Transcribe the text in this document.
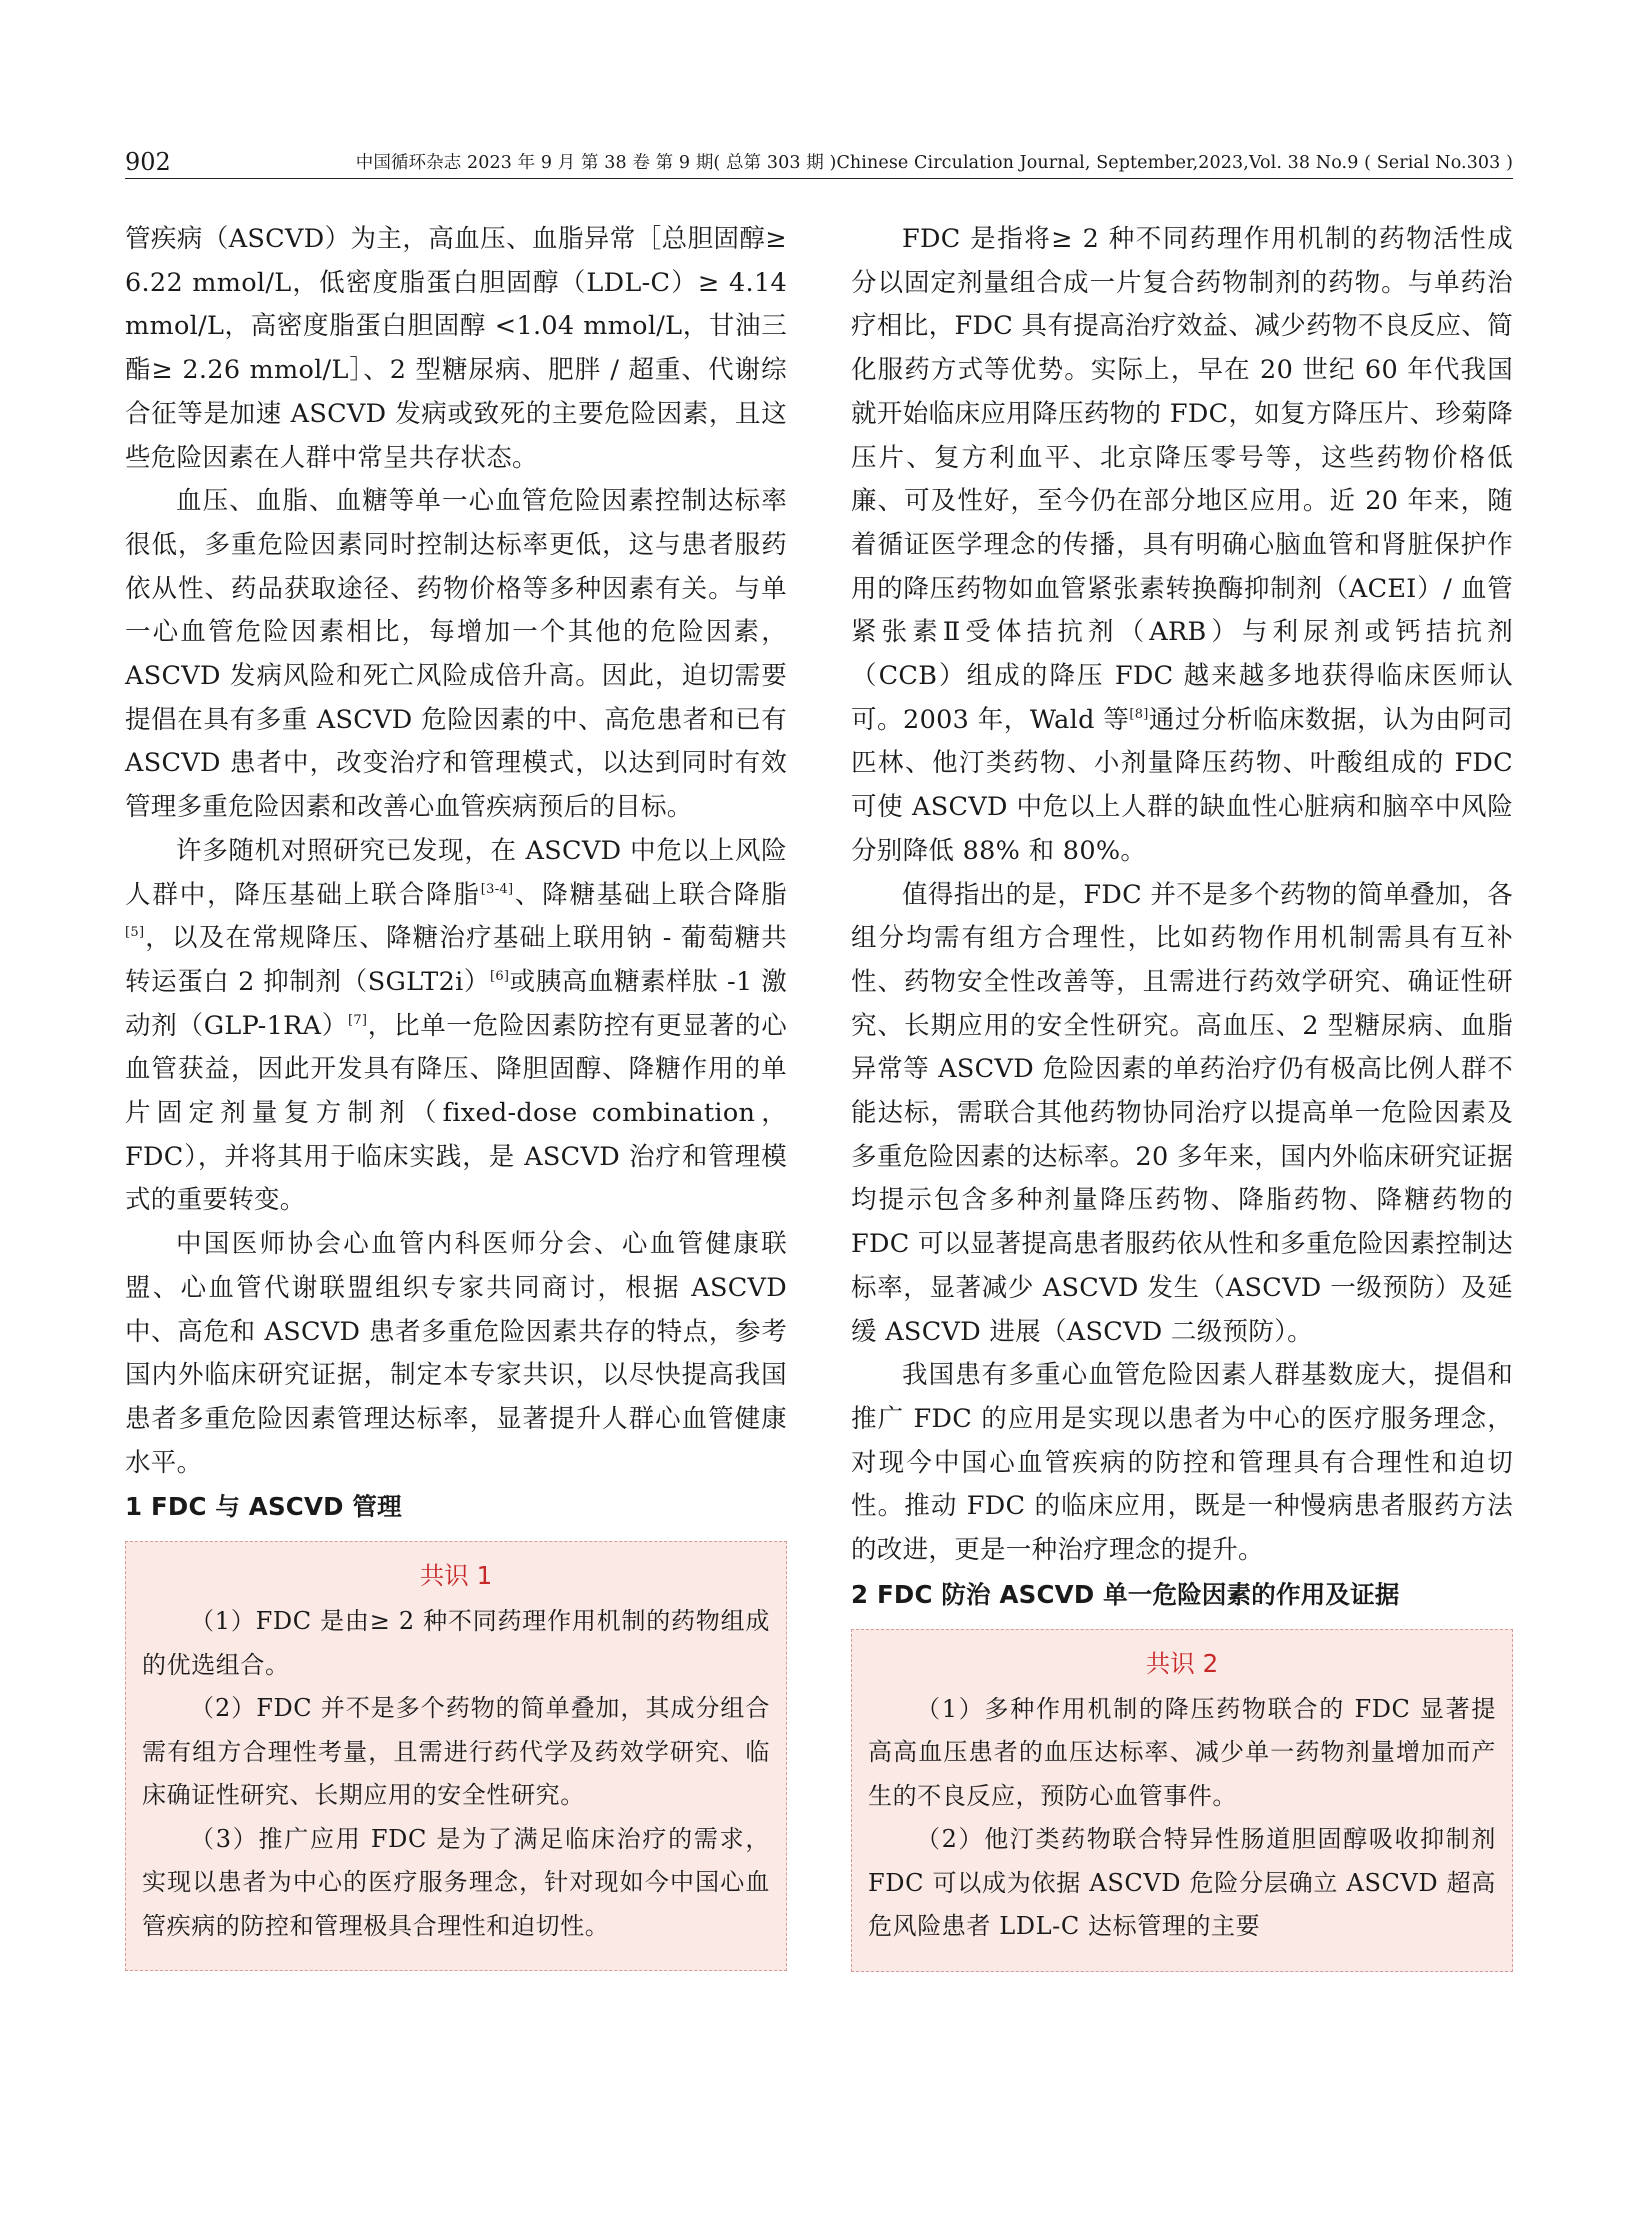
902	中国循环杂志 2023 年 9 月 第 38 卷 第 9 期( 总第 303 期 )Chinese Circulation Journal, September,2023,Vol. 38 No.9 ( Serial No.303 )

管疾病（ASCVD）为主，高血压、血脂异常［总胆固醇≥ 6.22 mmol/L，低密度脂蛋白胆固醇（LDL-C）≥ 4.14 mmol/L，高密度脂蛋白胆固醇 <1.04 mmol/L，甘油三酯≥ 2.26 mmol/L］、2 型糖尿病、肥胖 / 超重、代谢综合征等是加速 ASCVD 发病或致死的主要危险因素，且这些危险因素在人群中常呈共存状态。

血压、血脂、血糖等单一心血管危险因素控制达标率很低，多重危险因素同时控制达标率更低，这与患者服药依从性、药品获取途径、药物价格等多种因素有关。与单一心血管危险因素相比，每增加一个其他的危险因素，ASCVD 发病风险和死亡风险成倍升高。因此，迫切需要提倡在具有多重 ASCVD 危险因素的中、高危患者和已有 ASCVD 患者中，改变治疗和管理模式，以达到同时有效管理多重危险因素和改善心血管疾病预后的目标。

许多随机对照研究已发现，在 ASCVD 中危以上风险人群中，降压基础上联合降脂[3-4]、降糖基础上联合降脂[5]，以及在常规降压、降糖治疗基础上联用钠 - 葡萄糖共转运蛋白 2 抑制剂（SGLT2i）[6]或胰高血糖素样肽 -1 激动剂（GLP-1RA）[7]，比单一危险因素防控有更显著的心血管获益，因此开发具有降压、降胆固醇、降糖作用的单片固定剂量复方制剂（fixed-dose combination，FDC），并将其用于临床实践，是 ASCVD 治疗和管理模式的重要转变。

中国医师协会心血管内科医师分会、心血管健康联盟、心血管代谢联盟组织专家共同商讨，根据 ASCVD 中、高危和 ASCVD 患者多重危险因素共存的特点，参考国内外临床研究证据，制定本专家共识，以尽快提高我国患者多重危险因素管理达标率，显著提升人群心血管健康水平。

1 FDC 与 ASCVD 管理

共识 1

（1）FDC 是由≥ 2 种不同药理作用机制的药物组成的优选组合。

（2）FDC 并不是多个药物的简单叠加，其成分组合需有组方合理性考量，且需进行药代学及药效学研究、临床确证性研究、长期应用的安全性研究。

（3）推广应用 FDC 是为了满足临床治疗的需求，实现以患者为中心的医疗服务理念，针对现如今中国心血管疾病的防控和管理极具合理性和迫切性。

FDC 是指将≥ 2 种不同药理作用机制的药物活性成分以固定剂量组合成一片复合药物制剂的药物。与单药治疗相比，FDC 具有提高治疗效益、减少药物不良反应、简化服药方式等优势。实际上，早在 20 世纪 60 年代我国就开始临床应用降压药物的 FDC，如复方降压片、珍菊降压片、复方利血平、北京降压零号等，这些药物价格低廉、可及性好，至今仍在部分地区应用。近 20 年来，随着循证医学理念的传播，具有明确心脑血管和肾脏保护作用的降压药物如血管紧张素转换酶抑制剂（ACEI）/ 血管紧张素Ⅱ受体拮抗剂（ARB）与利尿剂或钙拮抗剂（CCB）组成的降压 FDC 越来越多地获得临床医师认可。2003 年，Wald 等[8]通过分析临床数据，认为由阿司匹林、他汀类药物、小剂量降压药物、叶酸组成的 FDC 可使 ASCVD 中危以上人群的缺血性心脏病和脑卒中风险分别降低 88% 和 80%。

值得指出的是，FDC 并不是多个药物的简单叠加，各组分均需有组方合理性，比如药物作用机制需具有互补性、药物安全性改善等，且需进行药效学研究、确证性研究、长期应用的安全性研究。高血压、2 型糖尿病、血脂异常等 ASCVD 危险因素的单药治疗仍有极高比例人群不能达标，需联合其他药物协同治疗以提高单一危险因素及多重危险因素的达标率。20 多年来，国内外临床研究证据均提示包含多种剂量降压药物、降脂药物、降糖药物的 FDC 可以显著提高患者服药依从性和多重危险因素控制达标率，显著减少 ASCVD 发生（ASCVD 一级预防）及延缓 ASCVD 进展（ASCVD 二级预防）。

我国患有多重心血管危险因素人群基数庞大，提倡和推广 FDC 的应用是实现以患者为中心的医疗服务理念，对现今中国心血管疾病的防控和管理具有合理性和迫切性。推动 FDC 的临床应用，既是一种慢病患者服药方法的改进，更是一种治疗理念的提升。

2 FDC 防治 ASCVD 单一危险因素的作用及证据

共识 2

（1）多种作用机制的降压药物联合的 FDC 显著提高高血压患者的血压达标率、减少单一药物剂量增加而产生的不良反应，预防心血管事件。

（2）他汀类药物联合特异性肠道胆固醇吸收抑制剂 FDC 可以成为依据 ASCVD 危险分层确立 ASCVD 超高危风险患者 LDL-C 达标管理的主要
